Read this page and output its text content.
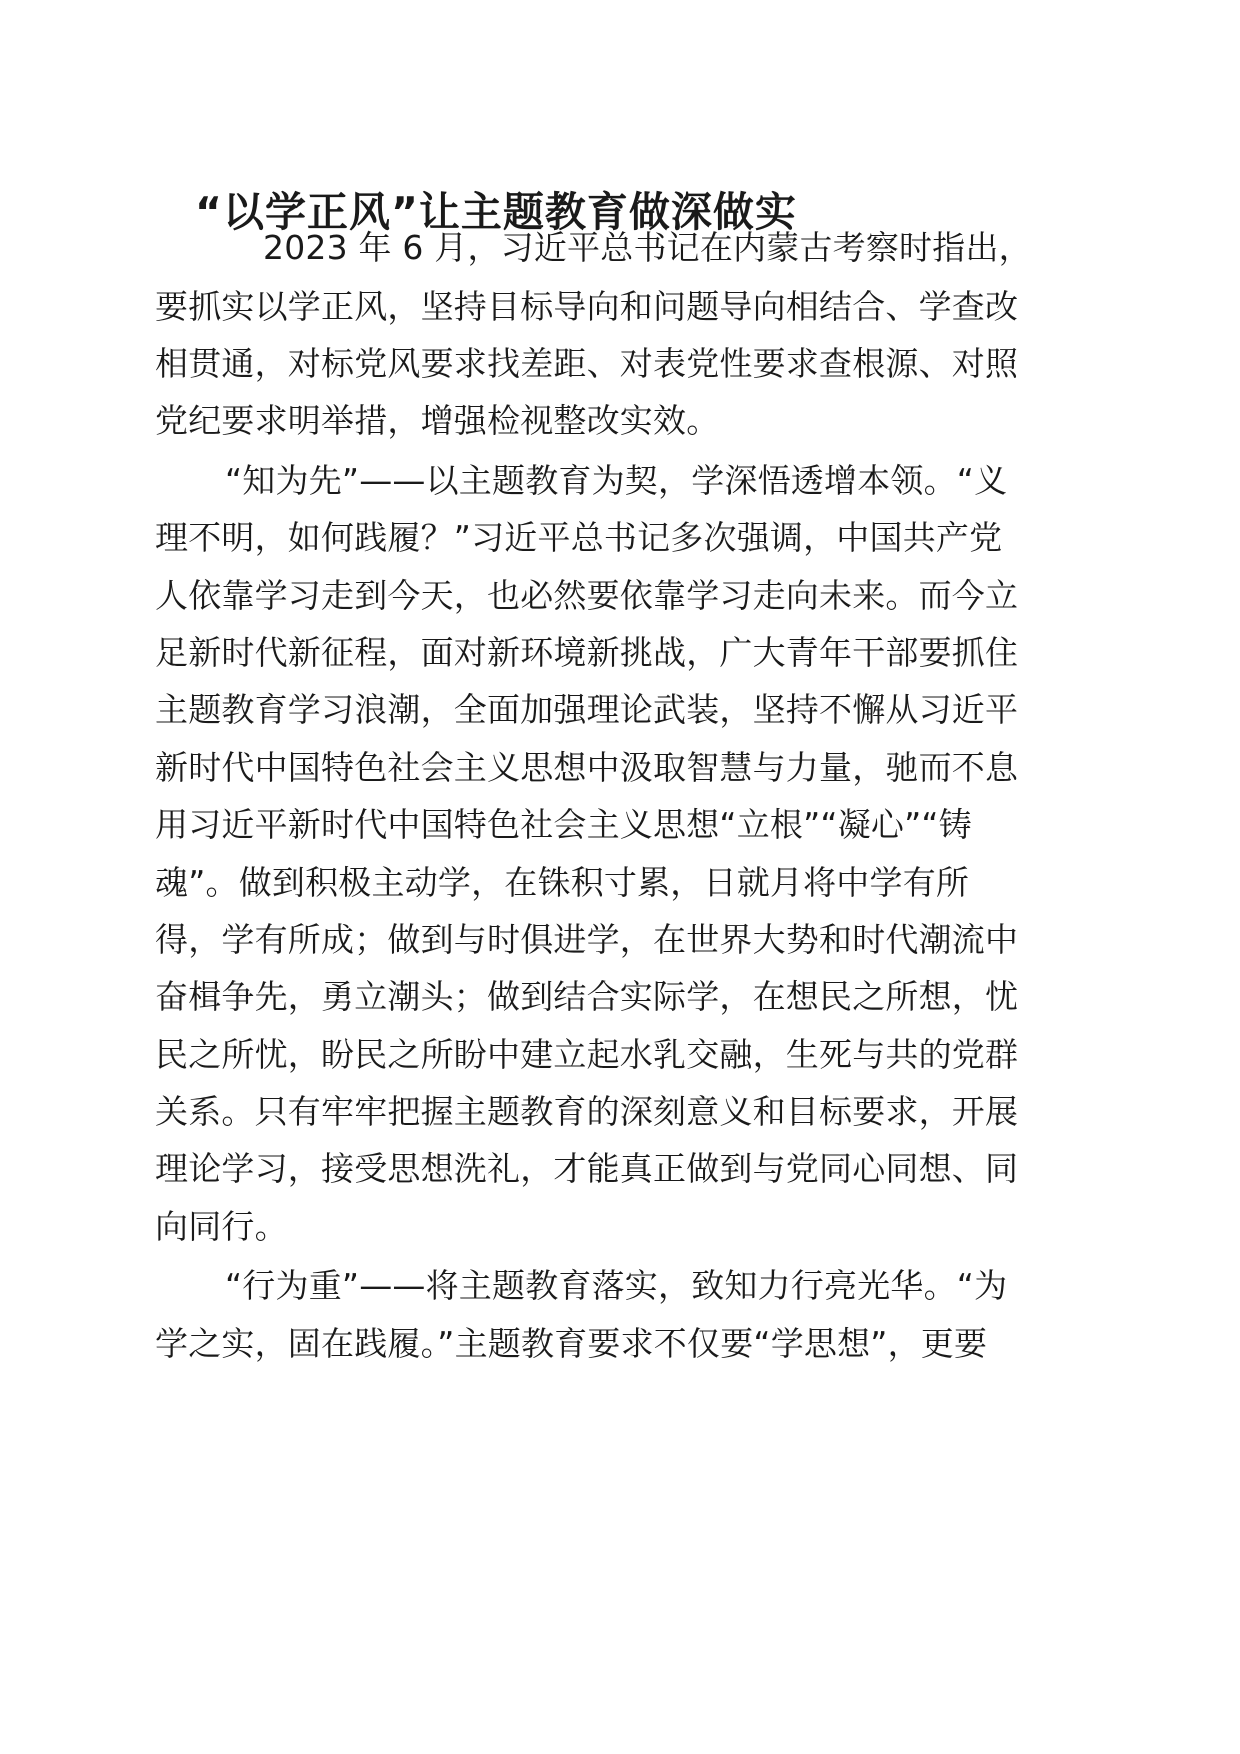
“以学正风”让主题教育做深做实

2023 年 6 月，习近平总书记在内蒙古考察时指出，

要抓实以学正风，坚持目标导向和问题导向相结合、学查改

相贯通，对标党风要求找差距、对表党性要求查根源、对照

党纪要求明举措，增强检视整改实效。

“知为先”——以主题教育为契，学深悟透增本领。“义

理不明，如何践履？”习近平总书记多次强调，中国共产党

人依靠学习走到今天，也必然要依靠学习走向未来。而今立

足新时代新征程，面对新环境新挑战，广大青年干部要抓住

主题教育学习浪潮，全面加强理论武装，坚持不懈从习近平

新时代中国特色社会主义思想中汲取智慧与力量，驰而不息

用习近平新时代中国特色社会主义思想“立根”“凝心”“铸

魂”。做到积极主动学，在铢积寸累，日就月将中学有所

得，学有所成；做到与时俱进学，在世界大势和时代潮流中

奋楫争先，勇立潮头；做到结合实际学，在想民之所想，忧

民之所忧，盼民之所盼中建立起水乳交融，生死与共的党群

关系。只有牢牢把握主题教育的深刻意义和目标要求，开展

理论学习，接受思想洗礼，才能真正做到与党同心同想、同

向同行。

“行为重”——将主题教育落实，致知力行亮光华。“为

学之实，固在践履。”主题教育要求不仅要“学思想”，更要
